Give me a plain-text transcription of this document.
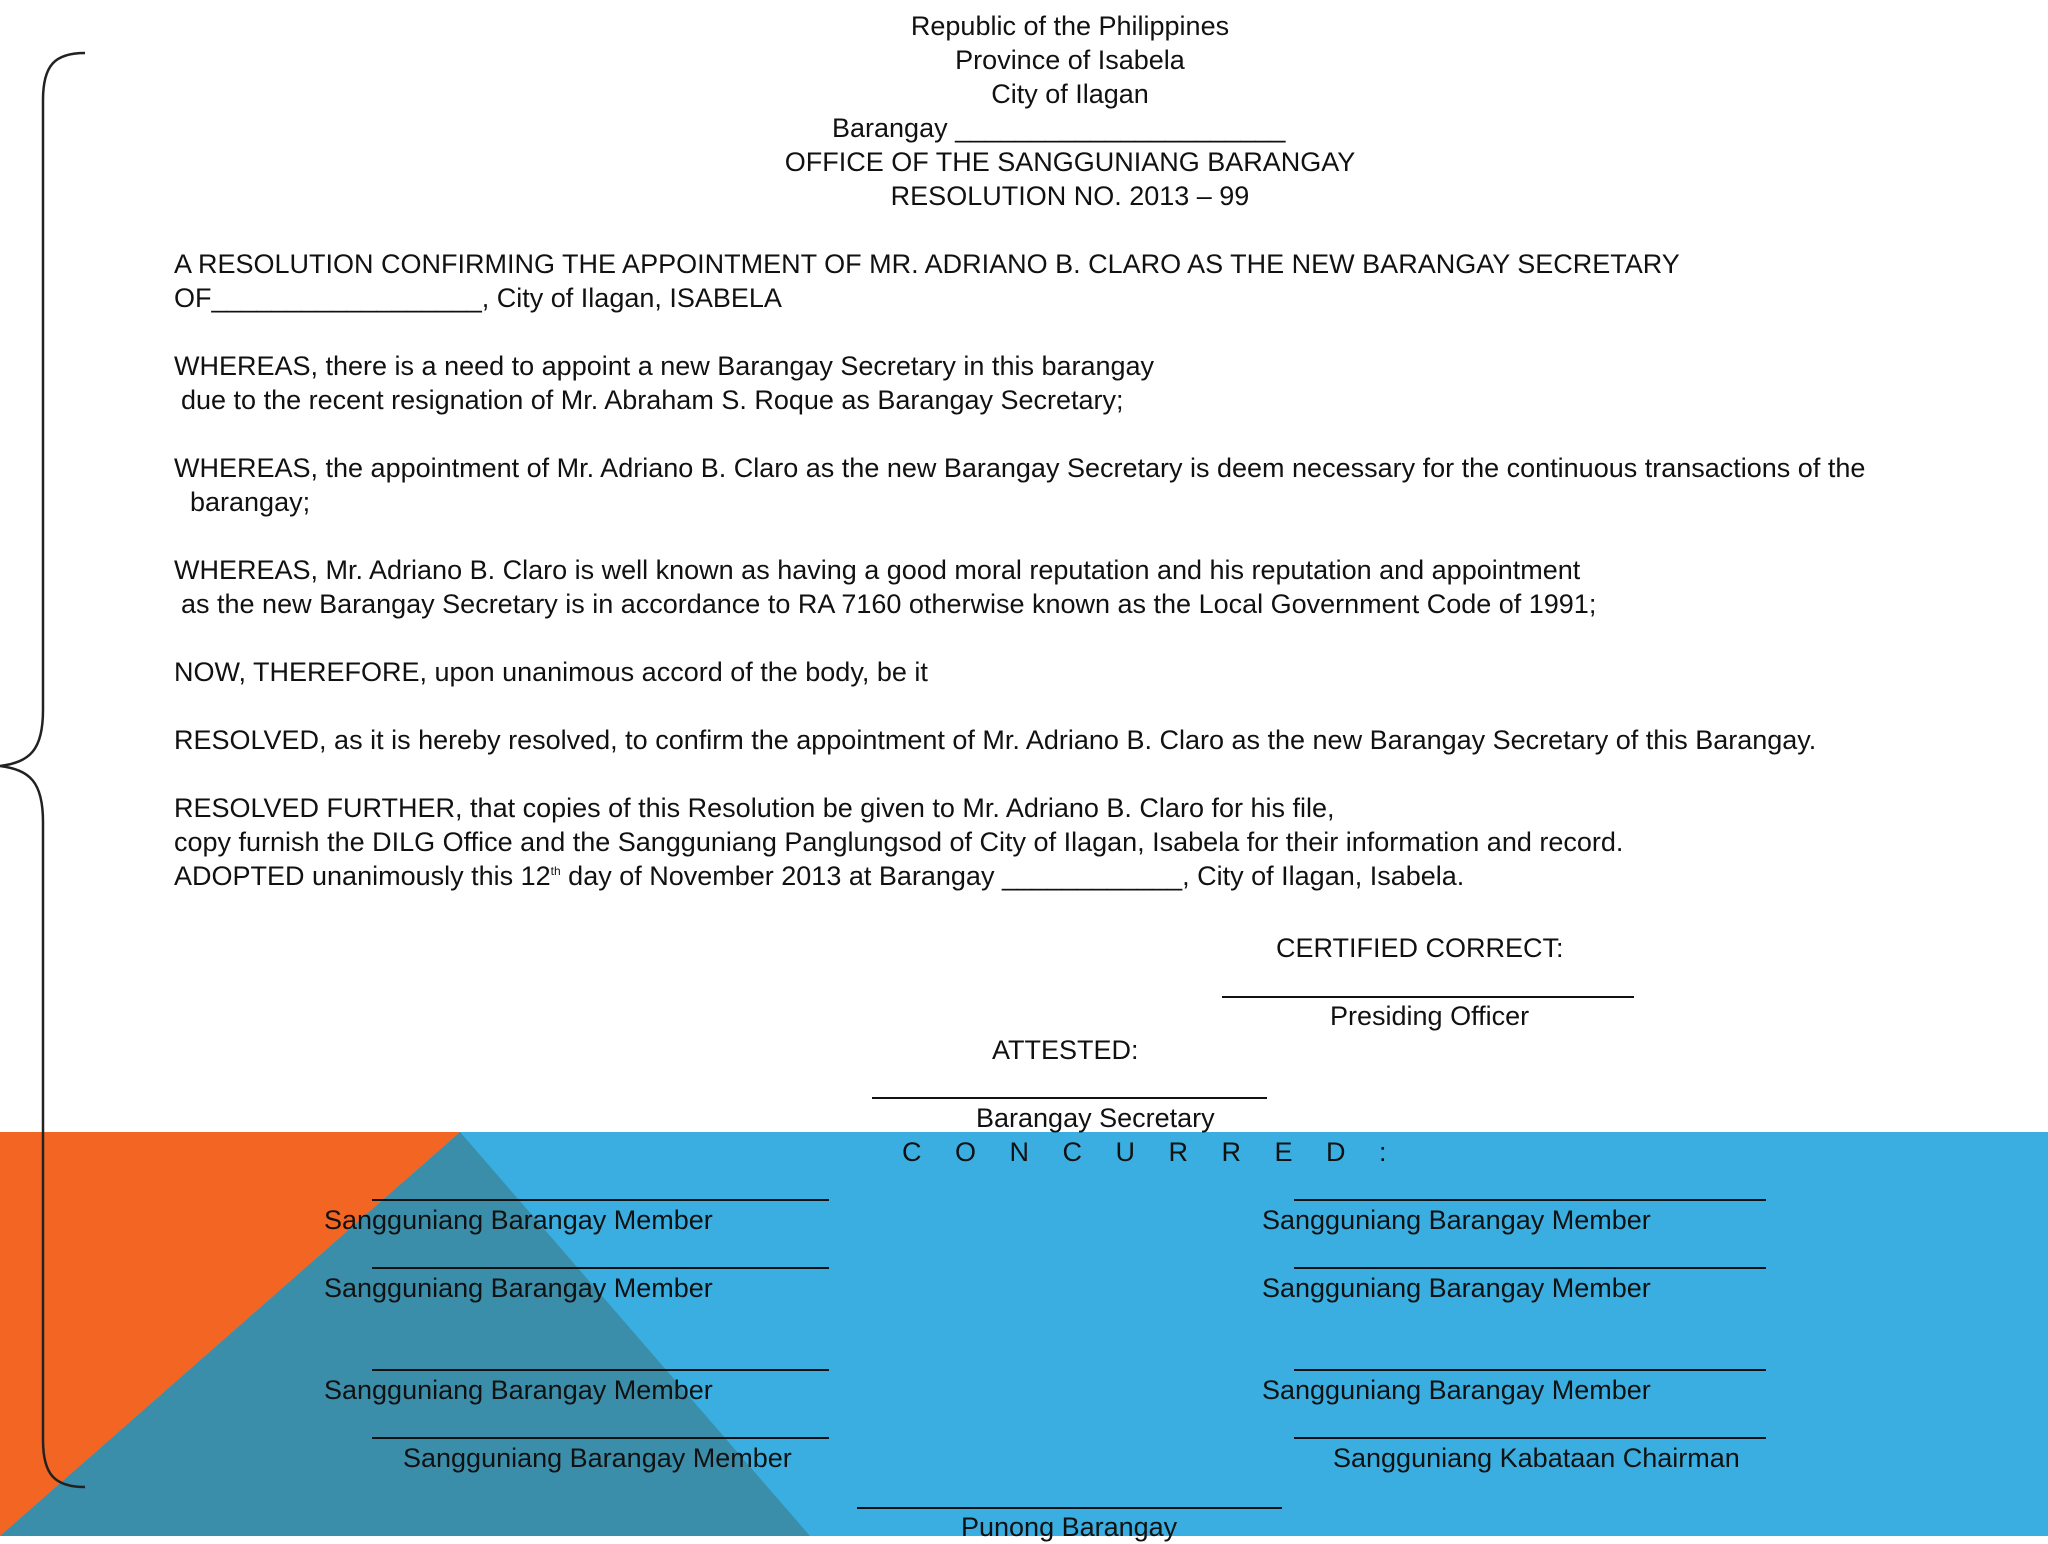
Republic of the Philippines

Province of Isabela

City of Ilagan

Barangay ______________________

OFFICE OF THE SANGGUNIANG BARANGAY

RESOLUTION NO. 2013 – 99

A RESOLUTION CONFIRMING THE APPOINTMENT OF MR. ADRIANO B. CLARO AS THE NEW BARANGAY SECRETARY

OF__________________, City of Ilagan, ISABELA

WHEREAS, there is a need to appoint a new Barangay Secretary in this barangay

due to the recent resignation of Mr. Abraham S. Roque as Barangay Secretary;

WHEREAS, the appointment of Mr. Adriano B. Claro as the new Barangay Secretary is deem necessary for the continuous transactions of the

barangay;

WHEREAS, Mr. Adriano B. Claro is well known as having a good moral reputation and his reputation and appointment

as the new Barangay Secretary is in accordance to RA 7160 otherwise known as the Local Government Code of 1991;

NOW, THEREFORE, upon unanimous accord of the body, be it

RESOLVED, as it is hereby resolved, to confirm the appointment of Mr. Adriano B. Claro as the new Barangay Secretary of this Barangay.

RESOLVED FURTHER, that copies of this Resolution be given to Mr. Adriano B. Claro for his file,

copy furnish the DILG Office and the Sangguniang Panglungsod of City of Ilagan, Isabela for their information and record.

ADOPTED unanimously this 12th day of November 2013 at Barangay ____________, City of Ilagan, Isabela.

CERTIFIED CORRECT:

Presiding Officer

ATTESTED:

Barangay Secretary

C O N C U R R E D :

Sangguniang Barangay Member

Sangguniang Barangay Member

Sangguniang Barangay Member

Sangguniang Barangay Member

Sangguniang Barangay Member

Sangguniang Barangay Member

Sangguniang Barangay Member

Sangguniang Kabataan Chairman

Punong Barangay
